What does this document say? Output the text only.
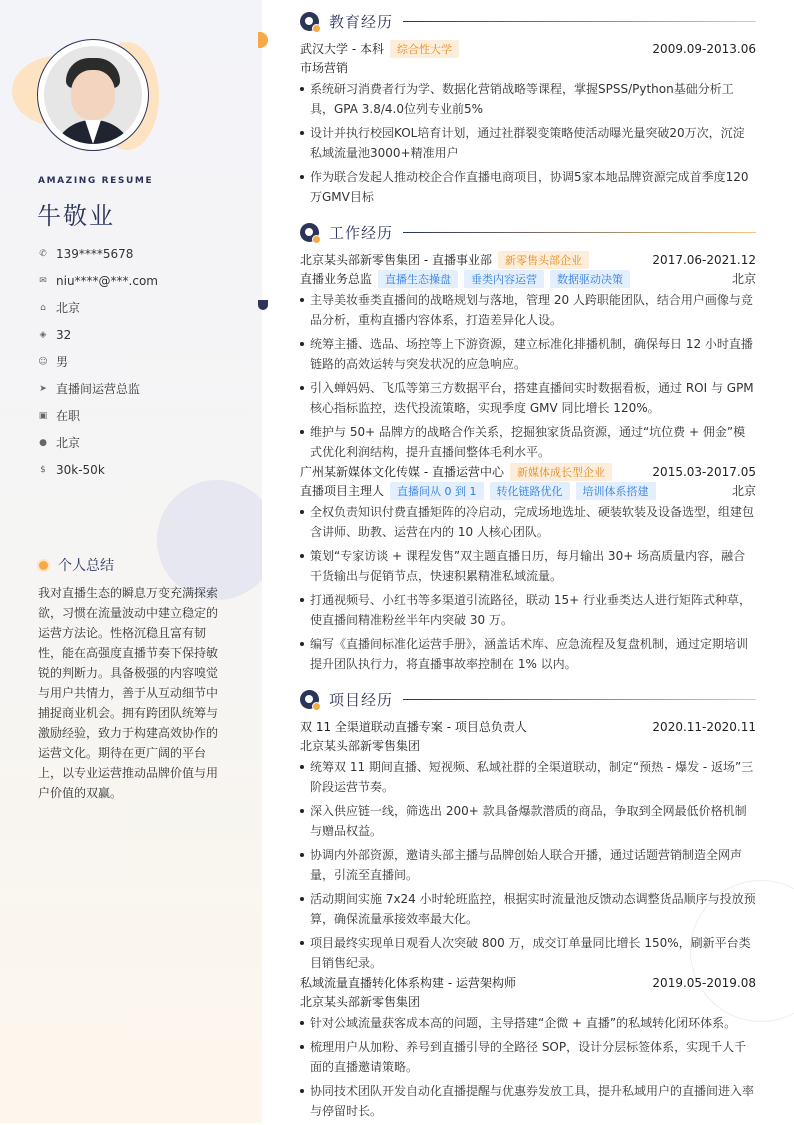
AMAZING RESUME
牛敬业
✆ 139****5678
✉ niu****@***.com
⌂ 北京
◈ 32
☺ 男
➤ 直播间运营总监
▣ 在职
● 北京
$ 30k-50k
个人总结
我对直播生态的瞬息万变充满探索欲，习惯在流量波动中建立稳定的运营方法论。性格沉稳且富有韧性，能在高强度直播节奏下保持敏锐的判断力。具备极强的内容嗅觉与用户共情力，善于从互动细节中捕捉商业机会。拥有跨团队统筹与激励经验，致力于构建高效协作的运营文化。期待在更广阔的平台上，以专业运营推动品牌价值与用户价值的双赢。
教育经历
武汉大学 - 本科	综合性大学	2009.09-2013.06
市场营销
系统研习消费者行为学、数据化营销战略等课程，掌握SPSS/Python基础分析工具，GPA 3.8/4.0位列专业前5%
设计并执行校园KOL培育计划，通过社群裂变策略使活动曝光量突破20万次，沉淀私域流量池3000+精准用户
作为联合发起人推动校企合作直播电商项目，协调5家本地品牌资源完成首季度120万GMV目标
工作经历
北京某头部新零售集团 - 直播事业部	新零售头部企业	2017.06-2021.12
直播业务总监	直播生态操盘	垂类内容运营	数据驱动决策	北京
主导美妆垂类直播间的战略规划与落地，管理 20 人跨职能团队，结合用户画像与竞品分析，重构直播内容体系，打造差异化人设。
统筹主播、选品、场控等上下游资源，建立标准化排播机制，确保每日 12 小时直播链路的高效运转与突发状况的应急响应。
引入蝉妈妈、飞瓜等第三方数据平台，搭建直播间实时数据看板，通过 ROI 与 GPM 核心指标监控，迭代投流策略，实现季度 GMV 同比增长 120%。
维护与 50+ 品牌方的战略合作关系，挖掘独家货品资源，通过“坑位费 + 佣金”模式优化利润结构，提升直播间整体毛利水平。
广州某新媒体文化传媒 - 直播运营中心	新媒体成长型企业	2015.03-2017.05
直播项目主理人	直播间从 0 到 1	转化链路优化	培训体系搭建	北京
全权负责知识付费直播矩阵的冷启动，完成场地选址、硬装软装及设备选型，组建包含讲师、助教、运营在内的 10 人核心团队。
策划“专家访谈 + 课程发售”双主题直播日历，每月输出 30+ 场高质量内容，融合干货输出与促销节点，快速积累精准私域流量。
打通视频号、小红书等多渠道引流路径，联动 15+ 行业垂类达人进行矩阵式种草，使直播间精准粉丝半年内突破 30 万。
编写《直播间标准化运营手册》，涵盖话术库、应急流程及复盘机制，通过定期培训提升团队执行力，将直播事故率控制在 1% 以内。
项目经历
双 11 全渠道联动直播专案 - 项目总负责人	2020.11-2020.11
北京某头部新零售集团
统筹双 11 期间直播、短视频、私域社群的全渠道联动，制定“预热 - 爆发 - 返场”三阶段运营节奏。
深入供应链一线，筛选出 200+ 款具备爆款潜质的商品，争取到全网最低价格机制与赠品权益。
协调内外部资源，邀请头部主播与品牌创始人联合开播，通过话题营销制造全网声量，引流至直播间。
活动期间实施 7x24 小时轮班监控，根据实时流量池反馈动态调整货品顺序与投放预算，确保流量承接效率最大化。
项目最终实现单日观看人次突破 800 万，成交订单量同比增长 150%，刷新平台类目销售纪录。
私域流量直播转化体系构建 - 运营架构师	2019.05-2019.08
北京某头部新零售集团
针对公域流量获客成本高的问题，主导搭建“企微 + 直播”的私域转化闭环体系。
梳理用户从加粉、养号到直播引导的全路径 SOP，设计分层标签体系，实现千人千面的直播邀请策略。
协同技术团队开发自动化直播提醒与优惠券发放工具，提升私域用户的直播间进入率与停留时长。
